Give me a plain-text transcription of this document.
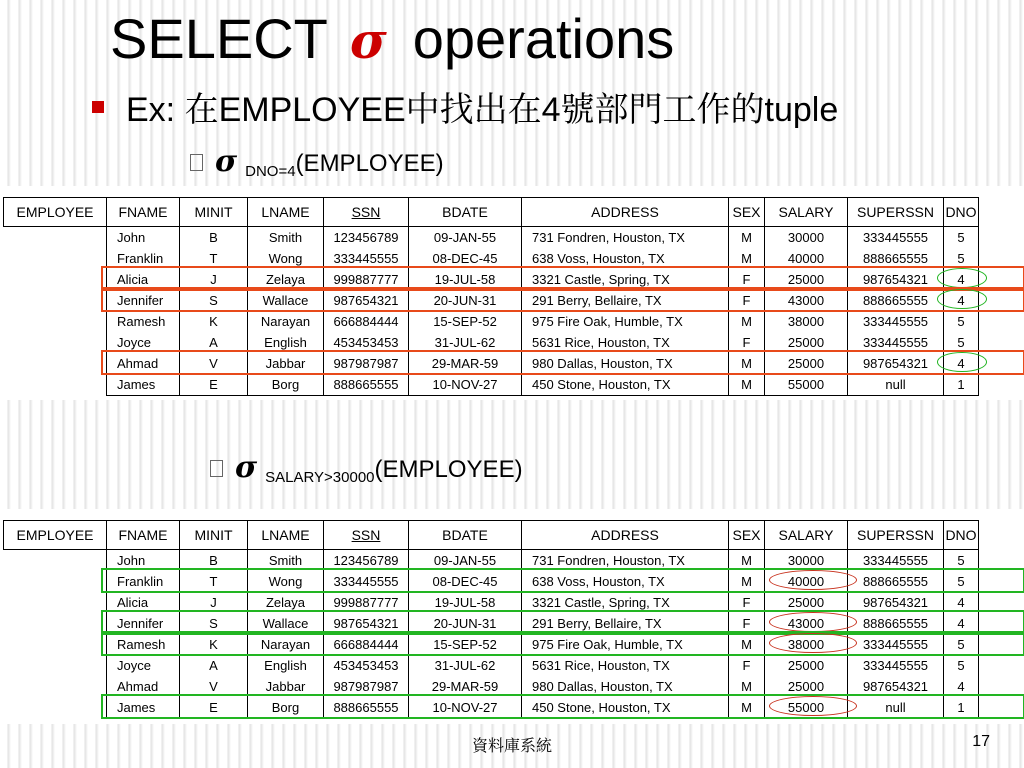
SELECT σ operations
Ex: 在EMPLOYEE中找出在4號部門工作的tuple
σ DNO=4 (EMPLOYEE)
EMPLOYEE	FNAME	MINIT	LNAME	SSN	BDATE	ADDRESS	SEX	SALARY	SUPERSSN	DNO
	John	B	Smith	123456789	09-JAN-55	731 Fondren, Houston, TX	M	30000	333445555	5
	Franklin	T	Wong	333445555	08-DEC-45	638 Voss, Houston, TX	M	40000	888665555	5
	Alicia	J	Zelaya	999887777	19-JUL-58	3321 Castle, Spring, TX	F	25000	987654321	4
	Jennifer	S	Wallace	987654321	20-JUN-31	291 Berry, Bellaire, TX	F	43000	888665555	4
	Ramesh	K	Narayan	666884444	15-SEP-52	975 Fire Oak, Humble, TX	M	38000	333445555	5
	Joyce	A	English	453453453	31-JUL-62	5631 Rice, Houston, TX	F	25000	333445555	5
	Ahmad	V	Jabbar	987987987	29-MAR-59	980 Dallas, Houston, TX	M	25000	987654321	4
	James	E	Borg	888665555	10-NOV-27	450 Stone, Houston, TX	M	55000	null	1
σ SALARY>30000 (EMPLOYEE)
EMPLOYEE	FNAME	MINIT	LNAME	SSN	BDATE	ADDRESS	SEX	SALARY	SUPERSSN	DNO
	John	B	Smith	123456789	09-JAN-55	731 Fondren, Houston, TX	M	30000	333445555	5
	Franklin	T	Wong	333445555	08-DEC-45	638 Voss, Houston, TX	M	40000	888665555	5
	Alicia	J	Zelaya	999887777	19-JUL-58	3321 Castle, Spring, TX	F	25000	987654321	4
	Jennifer	S	Wallace	987654321	20-JUN-31	291 Berry, Bellaire, TX	F	43000	888665555	4
	Ramesh	K	Narayan	666884444	15-SEP-52	975 Fire Oak, Humble, TX	M	38000	333445555	5
	Joyce	A	English	453453453	31-JUL-62	5631 Rice, Houston, TX	F	25000	333445555	5
	Ahmad	V	Jabbar	987987987	29-MAR-59	980 Dallas, Houston, TX	M	25000	987654321	4
	James	E	Borg	888665555	10-NOV-27	450 Stone, Houston, TX	M	55000	null	1
資料庫系統	17
